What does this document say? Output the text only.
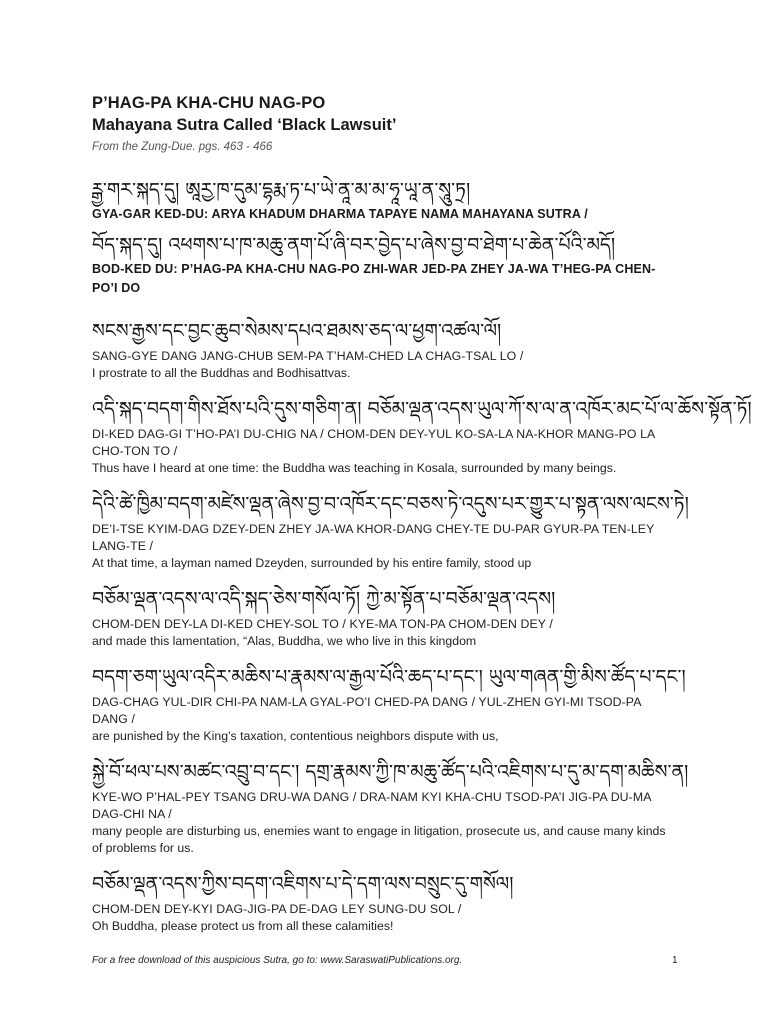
P’HAG-PA KHA-CHU NAG-PO
Mahayana Sutra Called ‘Black Lawsuit’

From the Zung-Due. pgs. 463 - 466

ཪྒྱ་གར་སྐད་དུ། ཨཱརྱ་ཁ་དུམ་དྷརྨ་ཏ་པ་ཡེ་ནཱ་མ་མ་ཧཱ་ཡཱ་ན་སཱུ་ཏྲ།

GYA-GAR KED-DU: ARYA KHADUM DHARMA TAPAYE NAMA MAHAYANA SUTRA /

བོད་སྐད་དུ། འཕགས་པ་ཁ་མཆུ་ནག་པོ་ཞི་བར་བྱེད་པ་ཞེས་བྱ་བ་ཐེག་པ་ཆེན་པོའི་མདོ།

BOD-KED DU: P’HAG-PA KHA-CHU NAG-PO ZHI-WAR JED-PA ZHEY JA-WA T’HEG-PA CHEN-PO’I DO

སངས་རྒྱས་དང་བྱང་ཆུབ་སེམས་དཔའ་ཐམས་ཅད་ལ་ཕྱག་འཚལ་ལོ།

SANG-GYE DANG JANG-CHUB SEM-PA T’HAM-CHED LA CHAG-TSAL LO /

I prostrate to all the Buddhas and Bodhisattvas.

འདི་སྐད་བདག་གིས་ཐོས་པའི་དུས་གཅིག་ན། བཅོམ་ལྡན་འདས་ཡུལ་ཀོ་ས་ལ་ན་འཁོར་མང་པོ་ལ་ཆོས་སྟོན་ཏོ།

DI-KED DAG-GI T’HO-PA’I DU-CHIG NA / CHOM-DEN DEY-YUL KO-SA-LA NA-KHOR MANG-PO LA CHO-TON TO /

Thus have I heard at one time: the Buddha was teaching in Kosala, surrounded by many beings.

དེའི་ཚེ་ཁྱིམ་བདག་མཛེས་ལྡན་ཞེས་བྱ་བ་འཁོར་དང་བཅས་ཏེ་འདུས་པར་གྱུར་པ་སྟན་ལས་ལངས་ཏེ།

DE’I-TSE KYIM-DAG DZEY-DEN ZHEY JA-WA KHOR-DANG CHEY-TE DU-PAR GYUR-PA TEN-LEY LANG-TE /

At that time, a layman named Dzeyden, surrounded by his entire family, stood up

བཅོམ་ལྡན་འདས་ལ་འདི་སྐད་ཅེས་གསོལ་ཏོ། ཀྱེ་མ་སྟོན་པ་བཅོམ་ལྡན་འདས།

CHOM-DEN DEY-LA DI-KED CHEY-SOL TO / KYE-MA TON-PA CHOM-DEN DEY /

and made this lamentation, “Alas, Buddha, we who live in this kingdom

བདག་ཅག་ཡུལ་འདིར་མཆིས་པ་རྣམས་ལ་རྒྱལ་པོའི་ཆད་པ་དང་། ཡུལ་གཞན་གྱི་མིས་ཚོད་པ་དང་།

DAG-CHAG YUL-DIR CHI-PA NAM-LA GYAL-PO’I CHED-PA DANG / YUL-ZHEN GYI-MI TSOD-PA DANG /

are punished by the King’s taxation, contentious neighbors dispute with us,

སྐྱེ་བོ་ཕལ་པས་མཚང་འབྲུ་བ་དང་། དགྲ་རྣམས་ཀྱི་ཁ་མཆུ་ཚོད་པའི་འཇིགས་པ་དུ་མ་དག་མཆིས་ན།

KYE-WO P’HAL-PEY TSANG DRU-WA DANG / DRA-NAM KYI KHA-CHU TSOD-PA’I JIG-PA DU-MA DAG-CHI NA /

many people are disturbing us, enemies want to engage in litigation, prosecute us, and cause many kinds of problems for us.

བཅོམ་ལྡན་འདས་ཀྱིས་བདག་འཇིགས་པ་དེ་དག་ལས་བསྲུང་དུ་གསོལ།

CHOM-DEN DEY-KYI DAG-JIG-PA DE-DAG LEY SUNG-DU SOL /

Oh Buddha, please protect us from all these calamities!

For a free download of this auspicious Sutra, go to: www.SaraswatiPublications.org.	1
